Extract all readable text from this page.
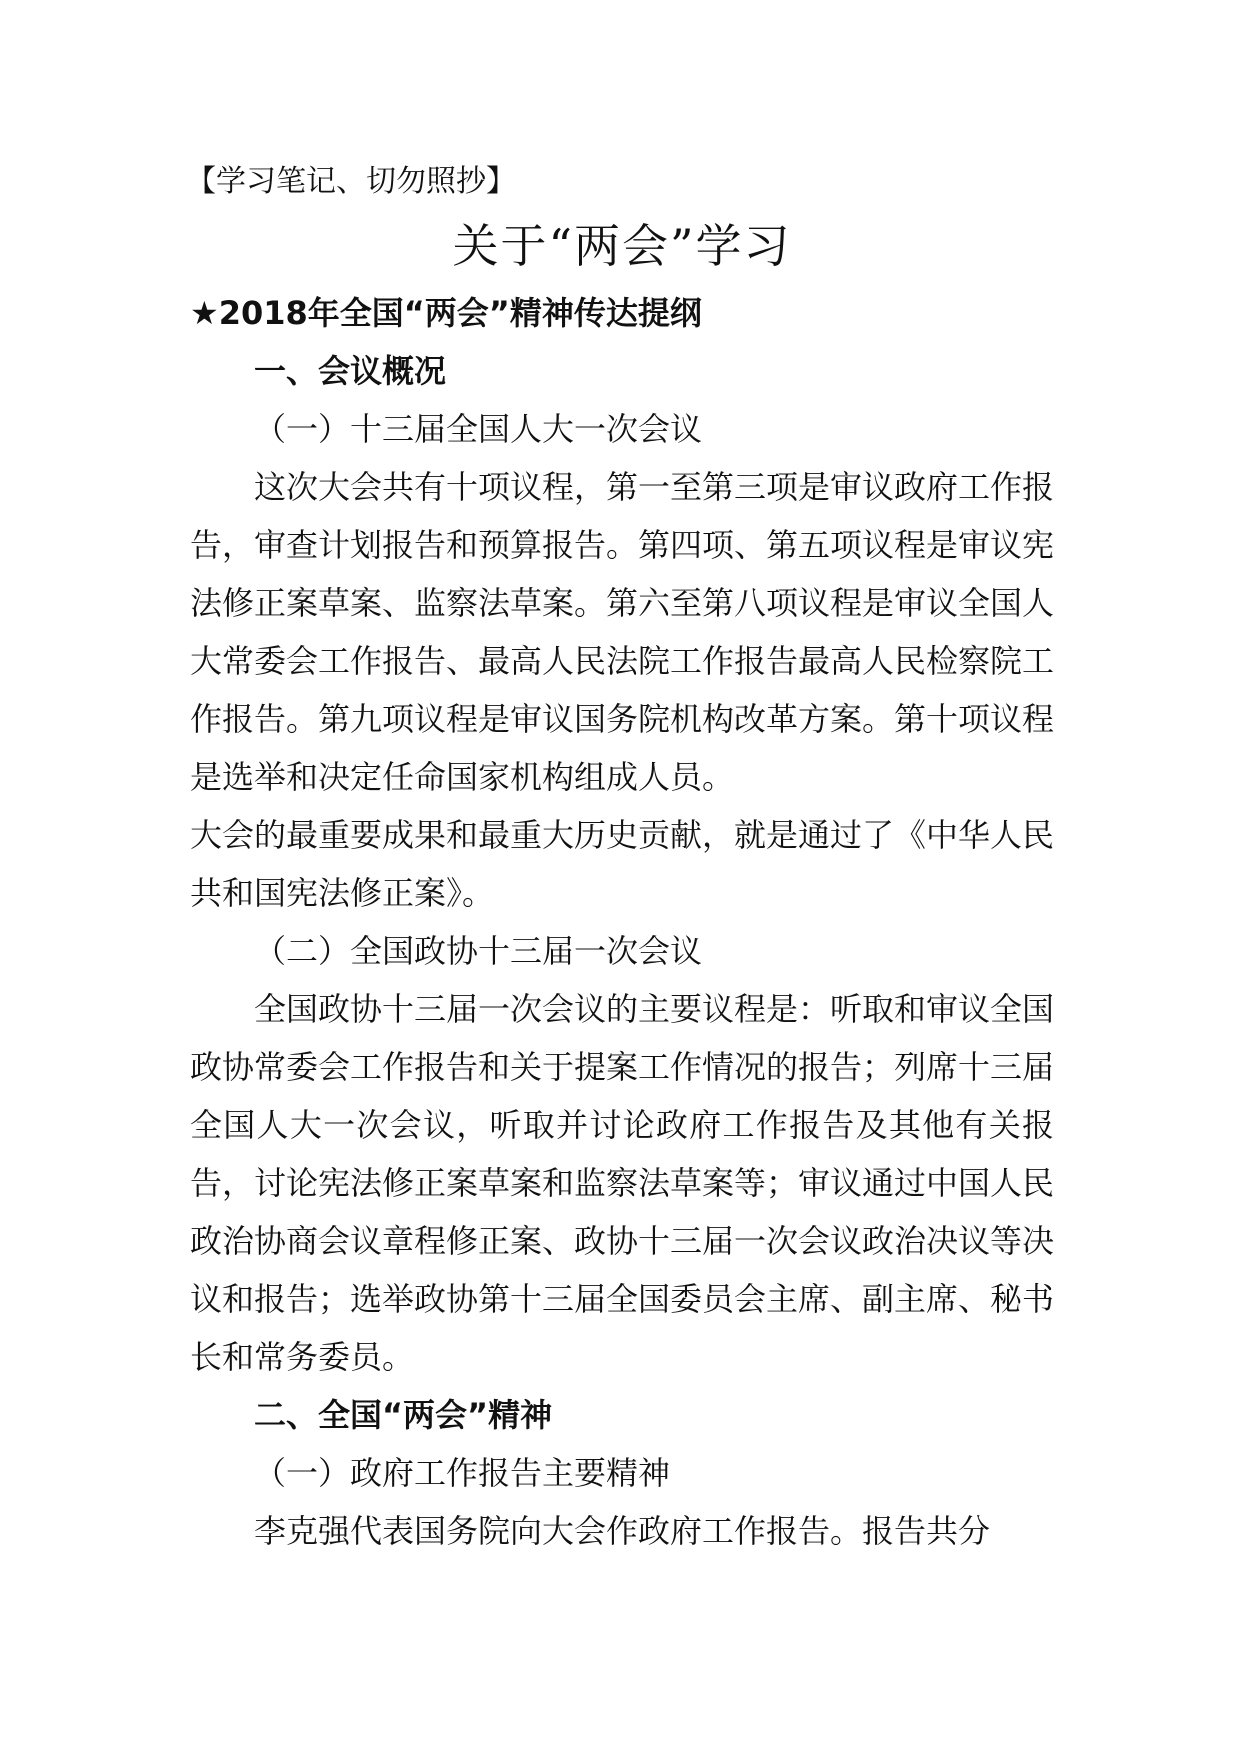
【学习笔记、切勿照抄】
关于“两会”学习
★2018年全国“两会”精神传达提纲
一、会议概况
（一）十三届全国人大一次会议

这次大会共有十项议程，第一至第三项是审议政府工作报告，审查计划报告和预算报告。第四项、第五项议程是审议宪法修正案草案、监察法草案。第六至第八项议程是审议全国人大常委会工作报告、最高人民法院工作报告最高人民检察院工作报告。第九项议程是审议国务院机构改革方案。第十项议程是选举和决定任命国家机构组成人员。

大会的最重要成果和最重大历史贡献，就是通过了《中华人民共和国宪法修正案》。

（二）全国政协十三届一次会议

全国政协十三届一次会议的主要议程是：听取和审议全国政协常委会工作报告和关于提案工作情况的报告；列席十三届全国人大一次会议，听取并讨论政府工作报告及其他有关报告，讨论宪法修正案草案和监察法草案等；审议通过中国人民政治协商会议章程修正案、政协十三届一次会议政治决议等决议和报告；选举政协第十三届全国委员会主席、副主席、秘书长和常务委员。

二、全国“两会”精神
（一）政府工作报告主要精神

李克强代表国务院向大会作政府工作报告。报告共分
